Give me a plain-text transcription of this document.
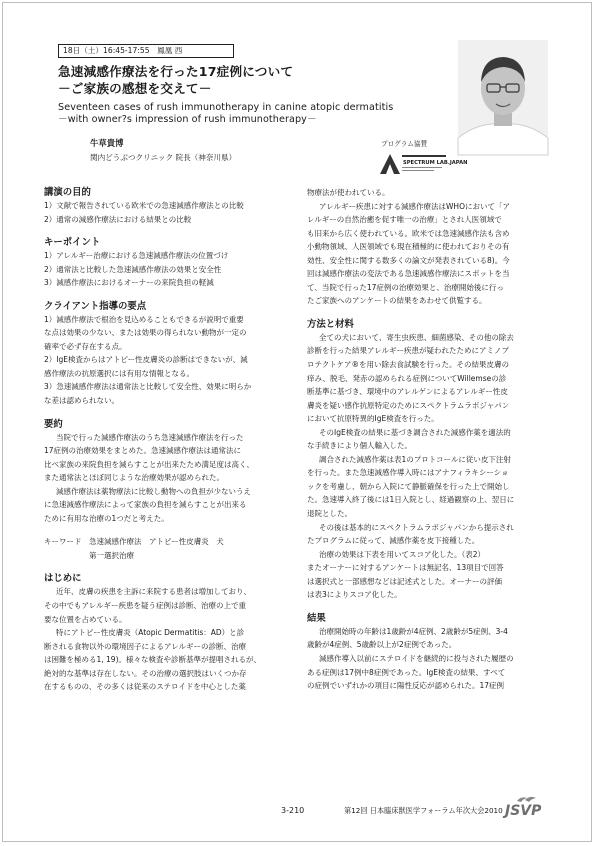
18日（土）16:45-17:55　鳳凰 西
急速減感作療法を行った17症例について
－ご家族の感想を交えて－
Seventeen cases of rush immunotherapy in canine atopic dermatitis
－with owner?s impression of rush immunotherapy－
牛草貴博
関内どうぶつクリニック 院長（神奈川県）
プログラム協賛
SPECTRUM LAB.JAPAN
講演の目的
1）文献で報告されている欧米での急速減感作療法との比較
2）通常の減感作療法における結果との比較
キーポイント
1）アレルギー治療における急速減感作療法の位置づけ
2）通常法と比較した急速減感作療法の効果と安全性
3）減感作療法におけるオーナーの来院負担の軽減
クライアント指導の要点
1）減感作療法で根治を見込めることもできるが説明で重要
な点は効果の少ない、または効果の得られない動物が一定の
確率で必ず存在する点。
2）IgE検査からはアトピー性皮膚炎の診断はできないが、減
感作療法の抗原選択には有用な情報となる。
3）急速減感作療法は通常法と比較して安全性、効果に明らか
な差は認められない。
要約
当院で行った減感作療法のうち急速減感作療法を行った
17症例の治療効果をまとめた。急速減感作療法は通常法に
比べ家族の来院負担を減らすことが出来たため満足度は高く、
また通常法とほぼ同じような治療効果が認められた。
減感作療法は薬物療法に比較し動物への負担が少ないうえ
に急速減感作療法によって家族の負担を減らすことが出来る
ために有用な治療の1つだと考えた。
キーワード　急速減感作療法　アトピー性皮膚炎　犬
　　　　　　第一選択治療
はじめに
近年、皮膚の疾患を主訴に来院する患者は増加しており、
その中でもアレルギー疾患を疑う症例は診断、治療の上で重
要な位置を占めている。
特にアトピー性皮膚炎（Atopic Dermatitis：AD）と診
断される食物以外の環境因子によるアレルギーの診断、治療
は困難を極める1, 19)。様々な検査や診断基準が提唱されるが、
絶対的な基準は存在しない。その治療の選択肢はいくつか存
在するものの、その多くは従来のステロイドを中心とした薬
物療法が使われている。
アレルギー疾患に対する減感作療法はWHOにおいて「ア
レルギーの自然治癒を促す唯一の治療」とされ人医領域で
も旧来から広く使われている。欧米では急速減感作法も含め
小動物領域、人医領域でも現在積極的に使われておりその有
効性、安全性に関する数多くの論文が発表されている8)。今
回は減感作療法の変法である急速減感作療法にスポットを当
て、当院で行った17症例の治療効果と、治療開始後に行っ
たご家族へのアンケートの結果をあわせて供覧する。
方法と材料
全ての犬において、寄生虫疾患、細菌感染、その他の除去
診断を行った結果アレルギー疾患が疑われたためにアミノプ
ロテクトケア®を用い除去食試験を行った。その結果皮膚の
痒み、脱毛、発赤の認められる症例についてWillemseの診
断基準に基づき、環境中のアレルゲンによるアレルギー性皮
膚炎を疑い感作抗原特定のためにスペクトラムラボジャパン
において抗原特異的IgE検査を行った。
そのIgE検査の結果に基づき調合された減感作薬を適法的
な手続きにより個人輸入した。
調合された減感作薬は表1のプロトコールに従い皮下注射
を行った。また急速減感作導入時にはアナフィラキシーショ
ックを考慮し、朝から入院にて静脈確保を行った上で開始し
た。急速導入終了後には1日入院とし、経過観察の上、翌日に
退院とした。
その後は基本的にスペクトラムラボジャパンから提示され
たプログラムに従って、減感作薬を皮下接種した。
治療の効果は下表を用いてスコア化した。（表2）
またオーナーに対するアンケートは無記名、13項目で回答
は選択式と一部感想などは記述式とした。オーナーの評価
は表3によりスコア化した。
結果
治療開始時の年齢は1歳齢が4症例、2歳齢が5症例、3-4
歳齢が4症例、5歳齢以上が2症例であった。
減感作導入以前にステロイドを継続的に投与された履歴の
ある症例は17例中8症例であった。IgE検査の結果、すべて
の症例でいずれかの項目に陽性反応が認められた。17症例
3-210	第12回 日本臨床獣医学フォーラム年次大会2010 JSVP
